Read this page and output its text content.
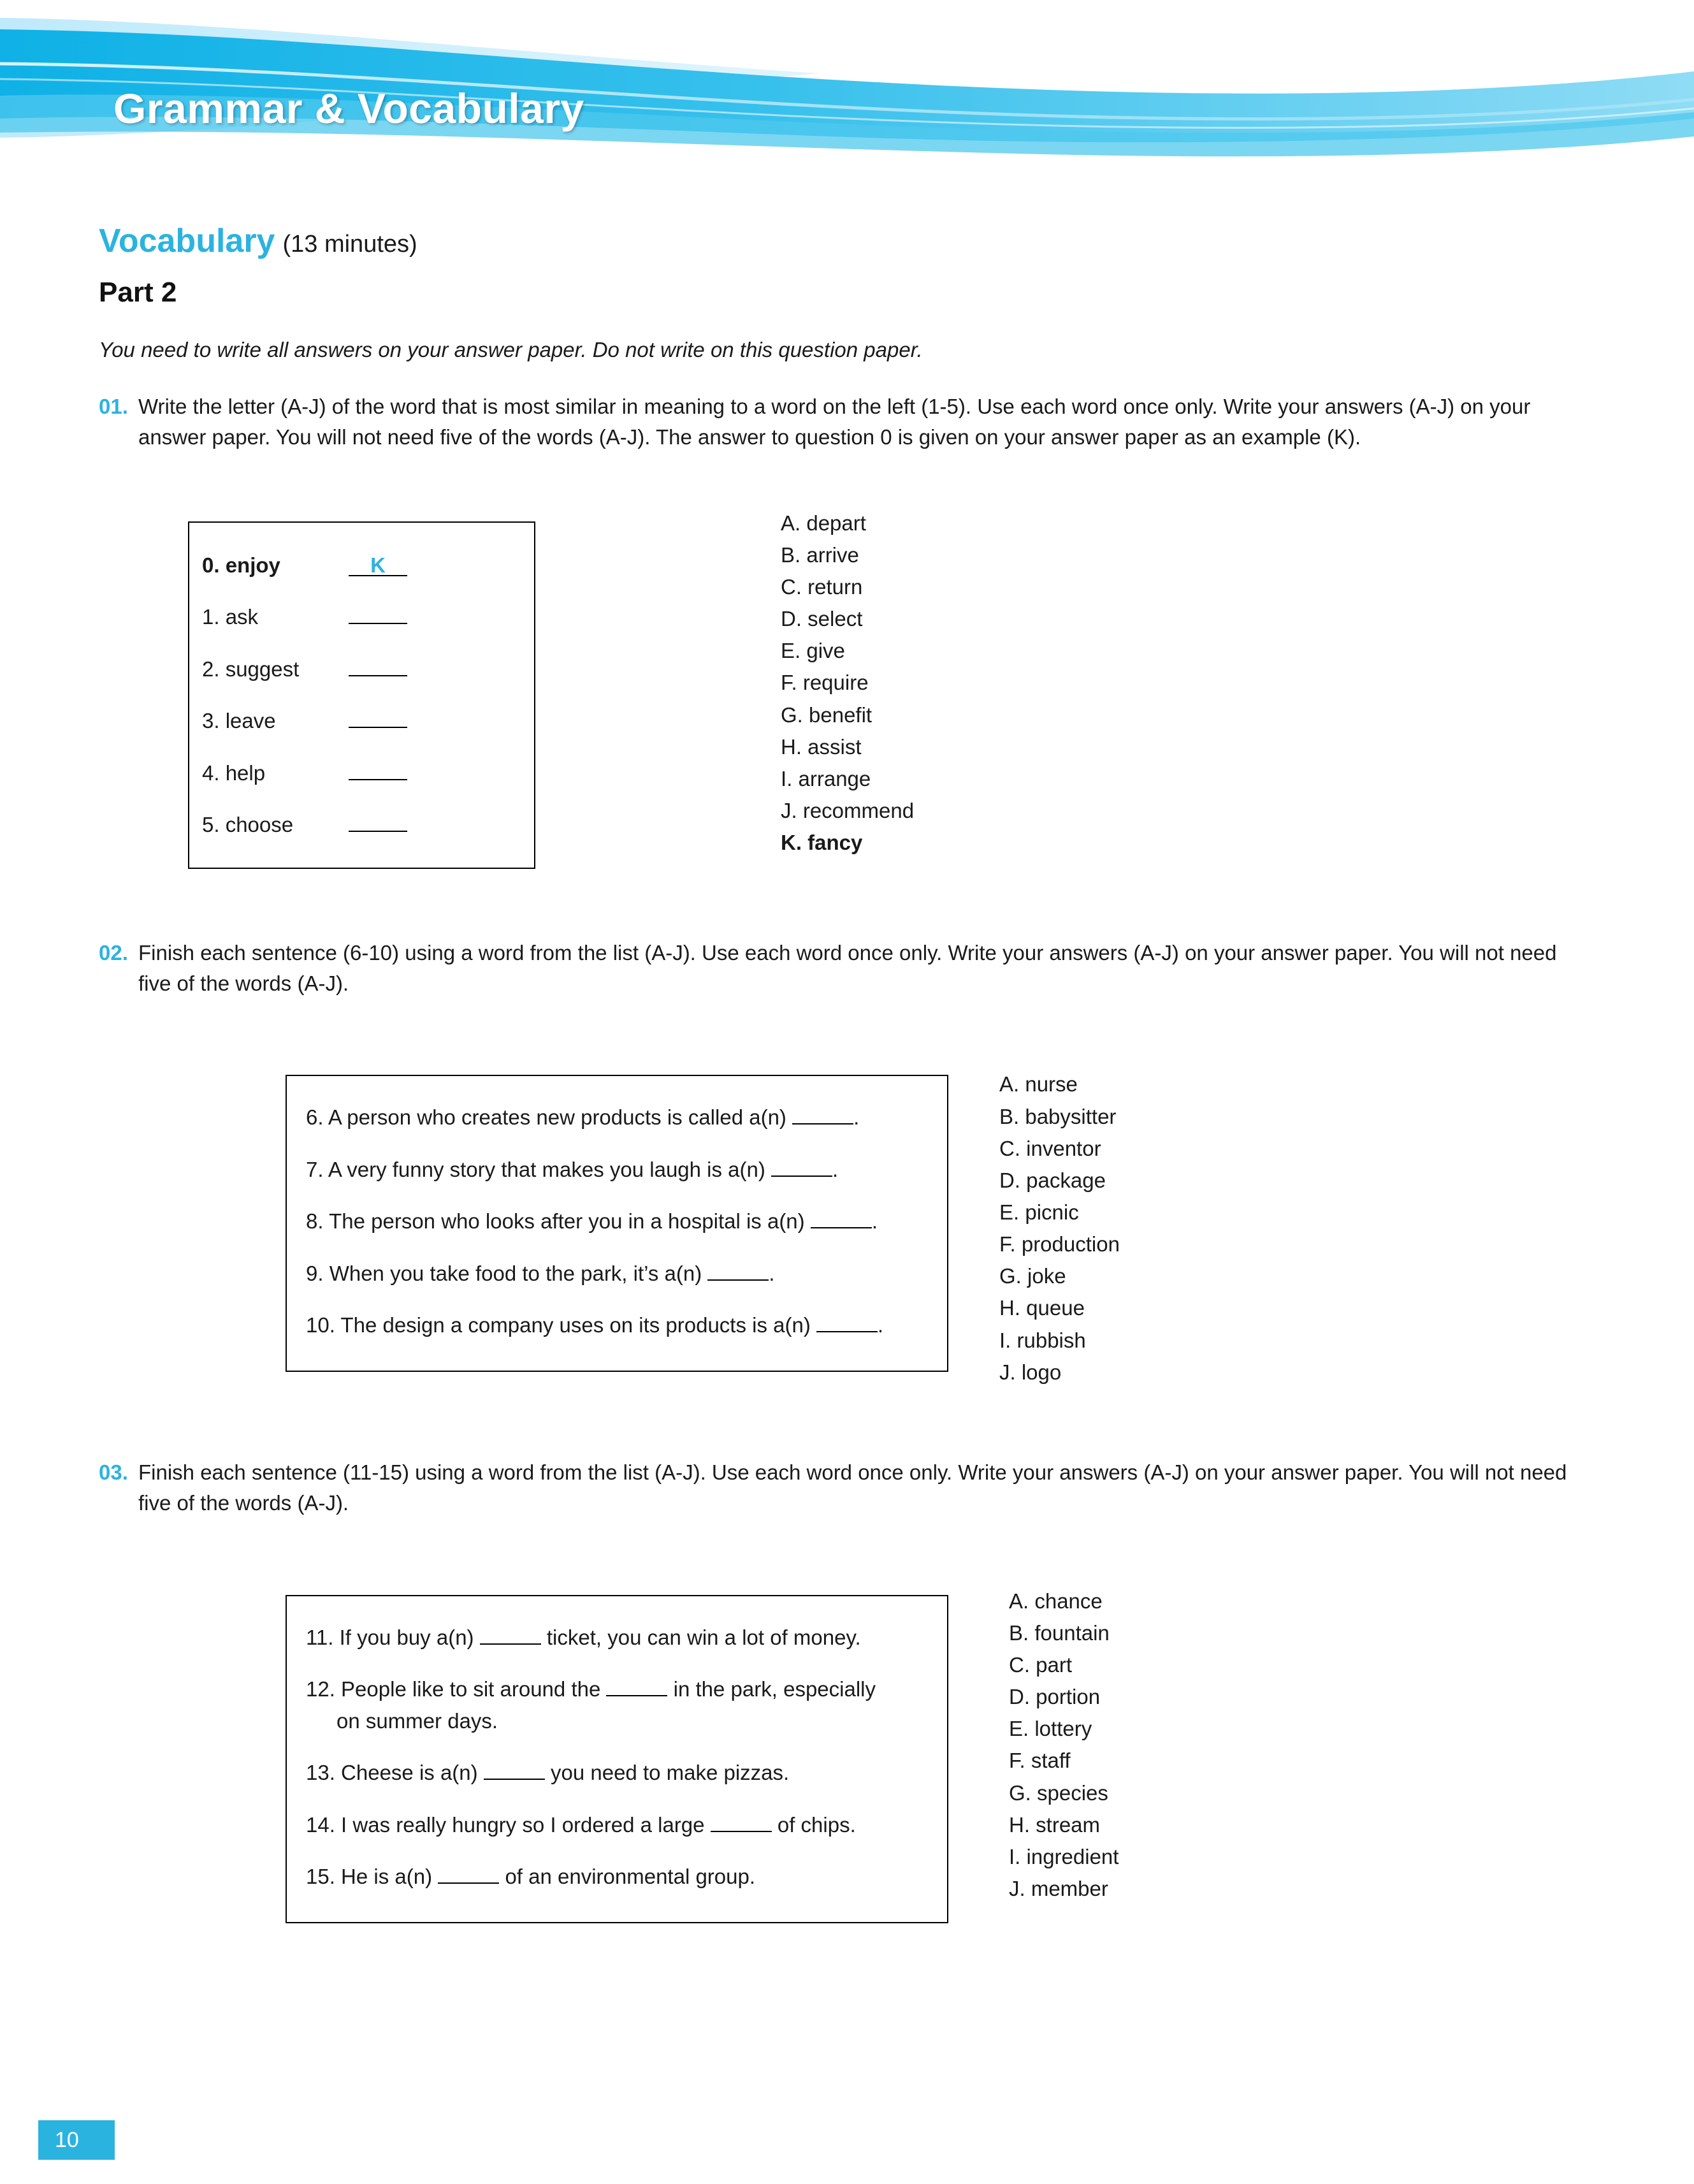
Grammar & Vocabulary
Vocabulary (13 minutes)
Part 2
You need to write all answers on your answer paper. Do not write on this question paper.
01. Write the letter (A-J) of the word that is most similar in meaning to a word on the left (1-5). Use each word once only. Write your answers (A-J) on your answer paper. You will not need five of the words (A-J). The answer to question 0 is given on your answer paper as an example (K).
0. enjoy	K
1. ask
2. suggest
3. leave
4. help
5. choose
A. depart
B. arrive
C. return
D. select
E. give
F. require
G. benefit
H. assist
I. arrange
J. recommend
K. fancy
02. Finish each sentence (6-10) using a word from the list (A-J). Use each word once only. Write your answers (A-J) on your answer paper. You will not need five of the words (A-J).
6. A person who creates new products is called a(n)	.
7. A very funny story that makes you laugh is a(n)	.
8. The person who looks after you in a hospital is a(n)	.
9. When you take food to the park, it’s a(n)	.
10. The design a company uses on its products is a(n)	.
A. nurse
B. babysitter
C. inventor
D. package
E. picnic
F. production
G. joke
H. queue
I. rubbish
J. logo
03. Finish each sentence (11-15) using a word from the list (A-J). Use each word once only. Write your answers (A-J) on your answer paper. You will not need five of the words (A-J).
11. If you buy a(n)	ticket, you can win a lot of money.
12. People like to sit around the	in the park, especially
on summer days.
13. Cheese is a(n)	you need to make pizzas.
14. I was really hungry so I ordered a large	of chips.
15. He is a(n)	of an environmental group.
A. chance
B. fountain
C. part
D. portion
E. lottery
F. staff
G. species
H. stream
I. ingredient
J. member
10
